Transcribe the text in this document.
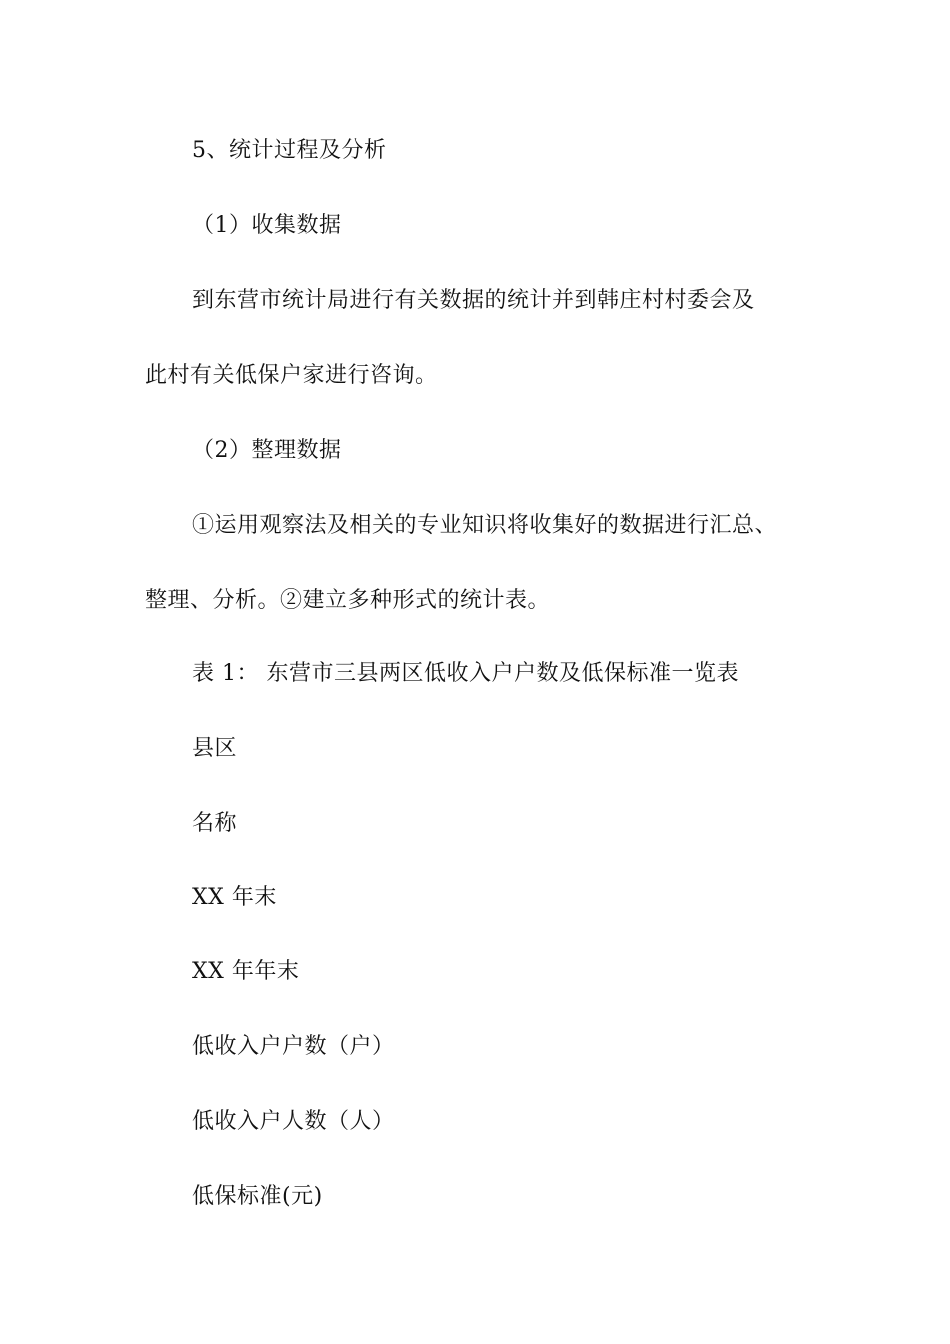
5、统计过程及分析
（1）收集数据
到东营市统计局进行有关数据的统计并到韩庄村村委会及
此村有关低保户家进行咨询。
（2）整理数据
①运用观察法及相关的专业知识将收集好的数据进行汇总、
整理、分析。②建立多种形式的统计表。
表 1： 东营市三县两区低收入户户数及低保标准一览表
县区
名称
XX 年末
XX 年年末
低收入户户数（户）
低收入户人数（人）
低保标准(元)
